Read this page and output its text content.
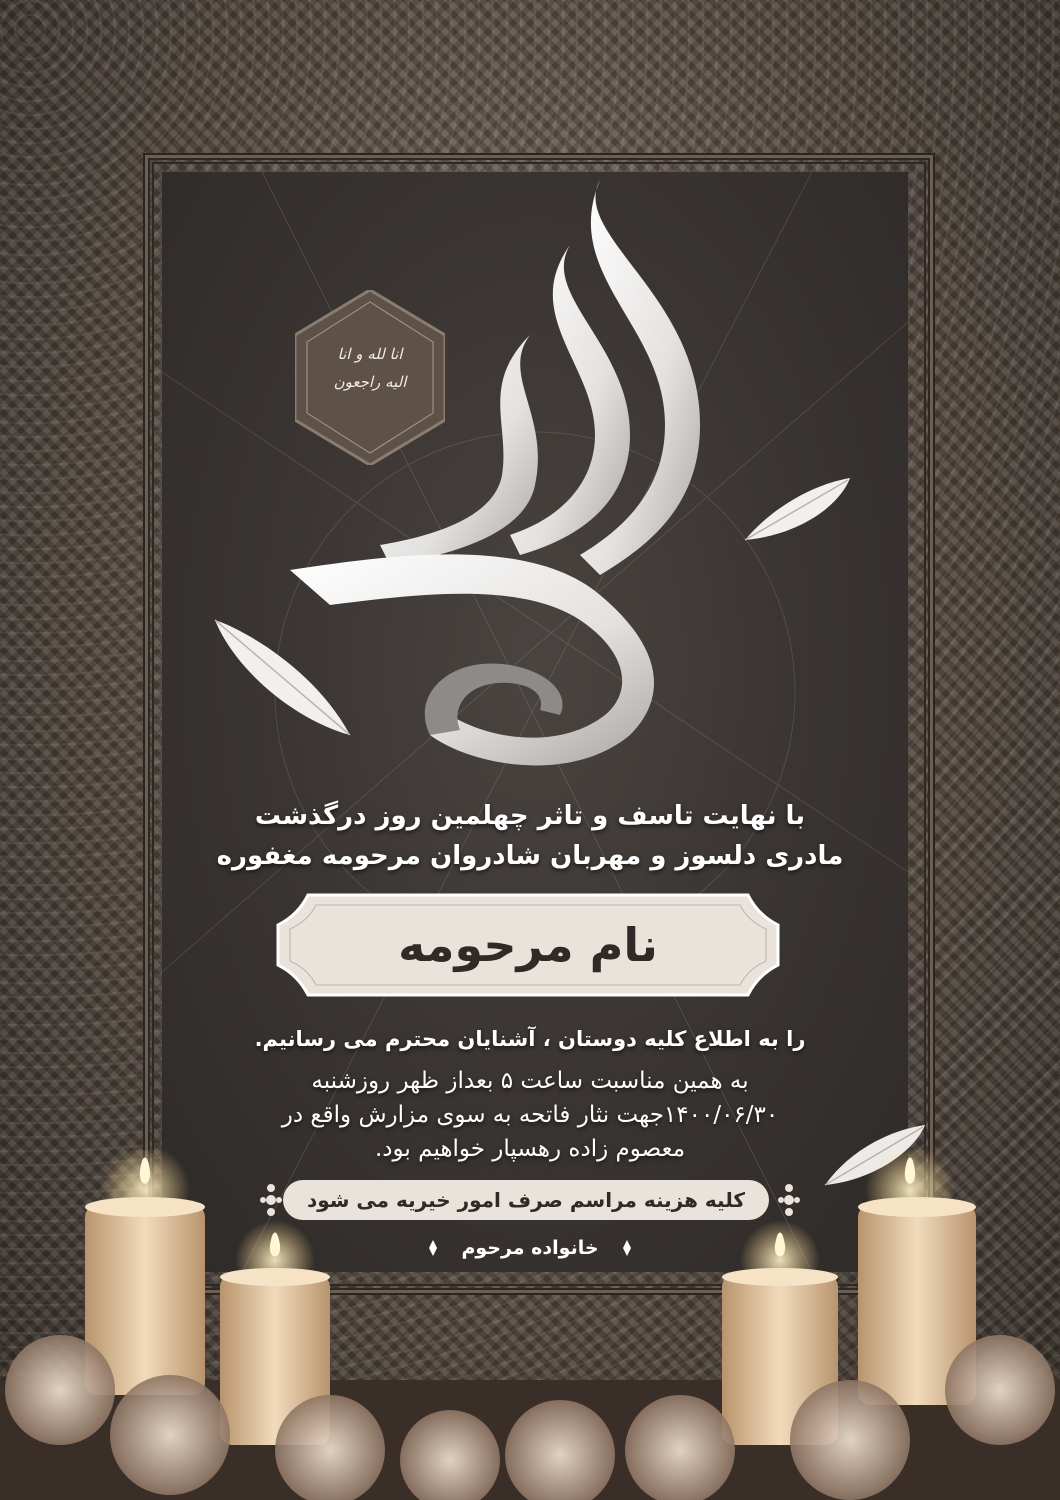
انا لله و انا
الیه راجعون
با نهایت تاسف و تاثر چهلمین روز درگذشت
مادری دلسوز و مهربان شادروان مرحومه مغفوره
نام مرحومه
را به اطلاع کلیه دوستان ، آشنایان محترم می رسانیم.
به همین مناسبت ساعت ۵ بعداز ظهر روزشنبه
۱۴۰۰/۰۶/۳۰جهت نثار فاتحه به سوی مزارش واقع در
معصوم زاده رهسپار خواهیم بود.
کلیه هزینه مراسم صرف امور خیریه می شود
خانواده مرحوم
